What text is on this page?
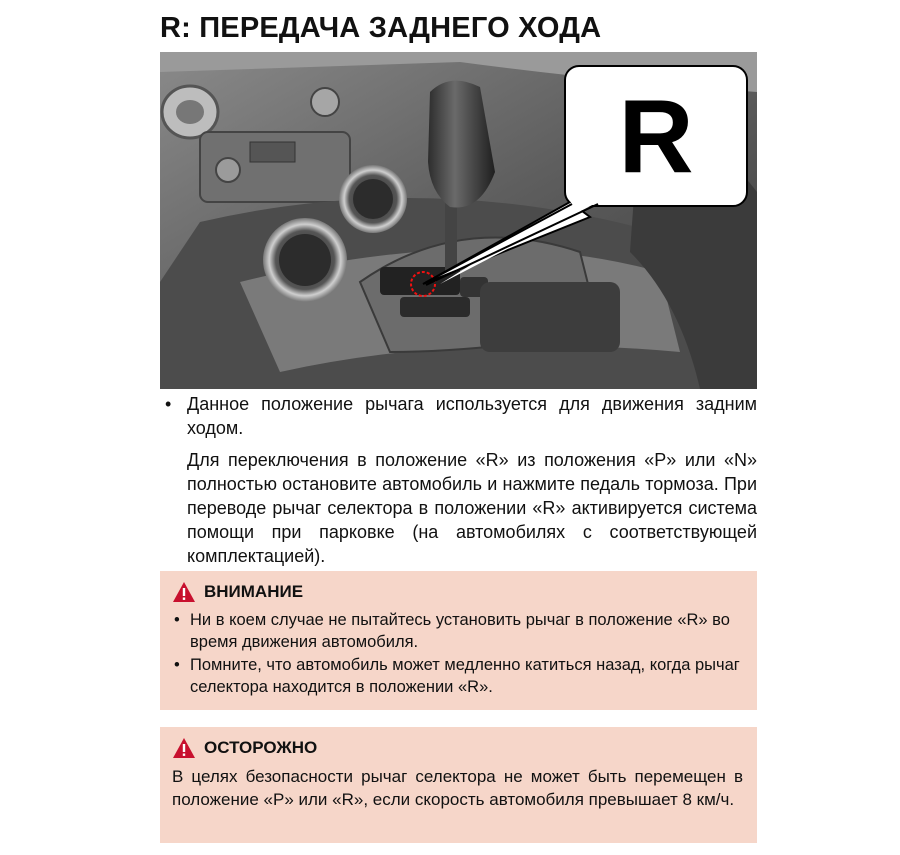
R: ПЕРЕДАЧА ЗАДНЕГО ХОДА
R
• Данное положение рычага используется для движения задним ходом.
Для переключения в положение «R» из положения «P» или «N» полностью остановите автомобиль и нажмите педаль тормоза. При переводе рычаг селектора в положении «R» активируется система помощи при парковке (на автомобилях с соответствующей комплектацией).
ВНИМАНИЕ
• Ни в коем случае не пытайтесь установить рычаг в положение «R» во время движения автомобиля.
• Помните, что автомобиль может медленно катиться назад, когда рычаг селектора находится в положении «R».
ОСТОРОЖНО
В целях безопасности рычаг селектора не может быть перемещен в положение «P» или «R», если скорость автомобиля превышает 8 км/ч.
